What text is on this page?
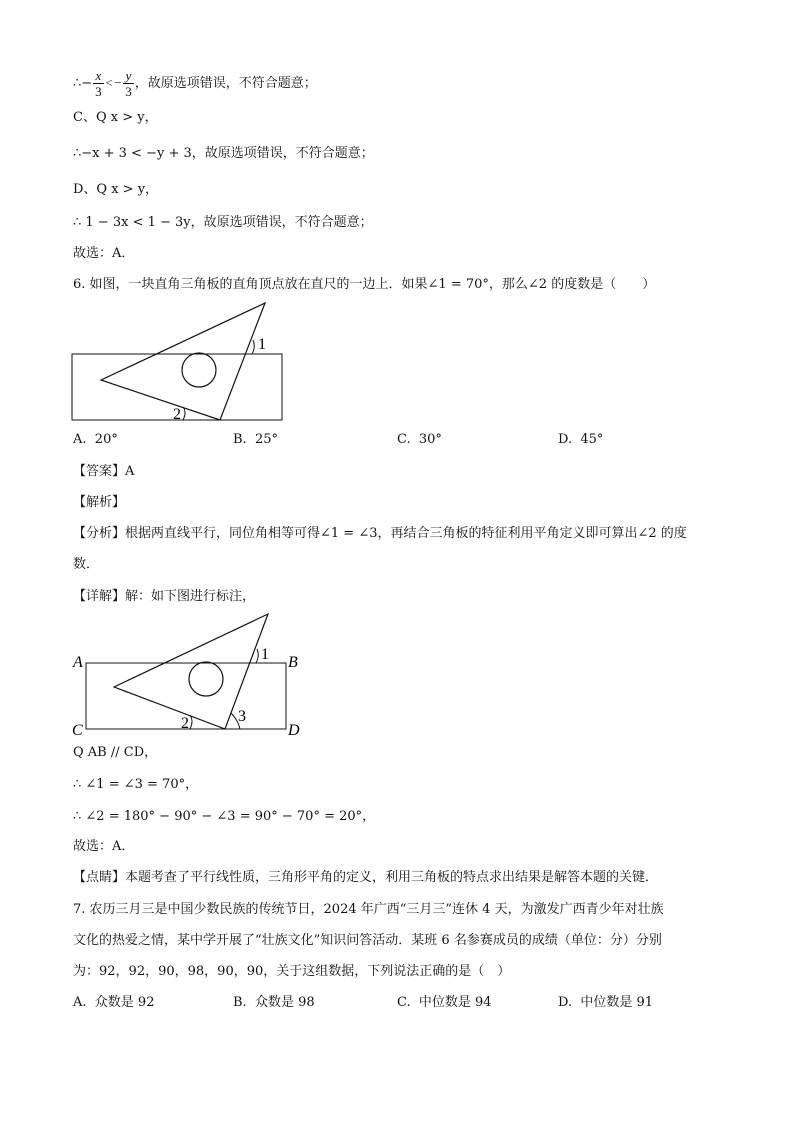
∴− $\frac{x}{3} <- \frac{y}{3}$ ，故原选项错误，不符合题意；
C、Q x > y，
∴−x + 3 < −y + 3，故原选项错误，不符合题意；
D、Q x > y，
∴ 1 − 3x < 1 − 3y，故原选项错误，不符合题意；
故选：A．
6. 如图，一块直角三角板的直角顶点放在直尺的一边上．如果∠1 = 70°，那么∠2 的度数是（　　）
1
2
A. 20°	B. 25°	C. 30°	D. 45°
【答案】A
【解析】
【分析】根据两直线平行，同位角相等可得∠1 = ∠3，再结合三角板的特征利用平角定义即可算出∠2 的度
数．
【详解】解：如下图进行标注，
1
2	3
A	B
C	D
Q AB // CD，
∴ ∠1 = ∠3 = 70°，
∴ ∠2 = 180° − 90° − ∠3 = 90° − 70° = 20°，
故选：A．
【点睛】本题考查了平行线性质，三角形平角的定义，利用三角板的特点求出结果是解答本题的关键．
7. 农历三月三是中国少数民族的传统节日，2024 年广西“三月三”连休 4 天，为激发广西青少年对壮族
文化的热爱之情，某中学开展了“壮族文化”知识问答活动．某班 6 名参赛成员的成绩（单位：分）分别
为：92，92，90，98，90，90，关于这组数据，下列说法正确的是（　）
A. 众数是 92	B. 众数是 98	C. 中位数是 94	D. 中位数是 91
